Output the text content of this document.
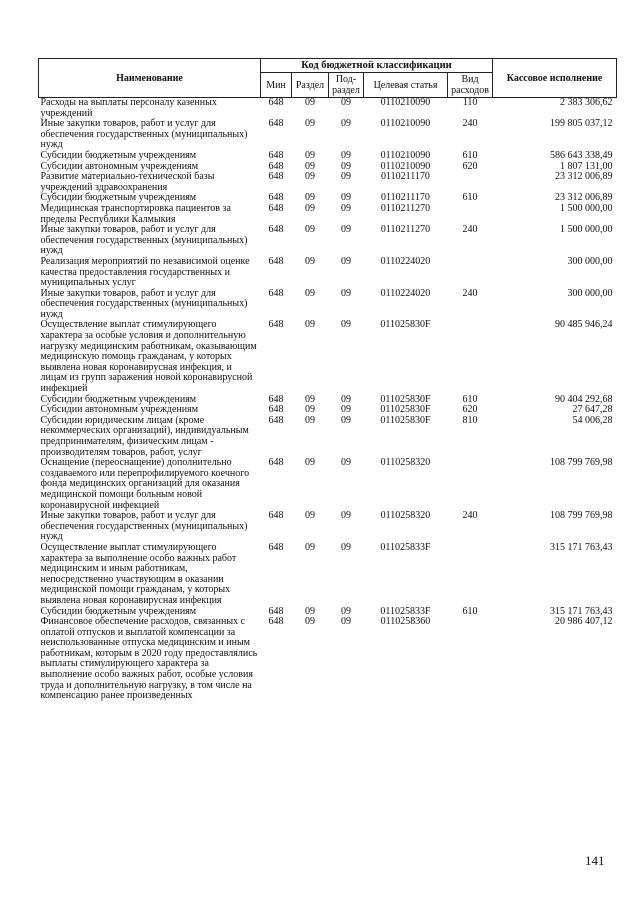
Наименование	Код бюджетной классификации					Кассовое исполнение
	Мин	Раздел	Под-раздел	Целевая статья	Вид расходов	
Расходы на выплаты персоналу казенных учреждений	648	09	09	0110210090	110	2 383 306,62
Иные закупки товаров, работ и услуг для обеспечения государственных (муниципальных) нужд	648	09	09	0110210090	240	199 805 037,12
Субсидии бюджетным учреждениям	648	09	09	0110210090	610	586 643 338,49
Субсидии автономным учреждениям	648	09	09	0110210090	620	1 807 131,00
Развитие материально-технической базы учреждений здравоохранения	648	09	09	0110211170		23 312 006,89
Субсидии бюджетным учреждениям	648	09	09	0110211170	610	23 312 006,89
Медицинская транспортировка пациентов за пределы Республики Калмыкия	648	09	09	0110211270		1 500 000,00
Иные закупки товаров, работ и услуг для обеспечения государственных (муниципальных) нужд	648	09	09	0110211270	240	1 500 000,00
Реализация мероприятий по независимой оценке качества предоставления государственных и муниципальных услуг	648	09	09	0110224020		300 000,00
Иные закупки товаров, работ и услуг для обеспечения государственных (муниципальных) нужд	648	09	09	0110224020	240	300 000,00
Осуществление выплат стимулирующего характера за особые условия и дополнительную нагрузку медицинским работникам, оказывающим медицинскую помощь гражданам, у которых выявлена новая коронавирусная инфекция, и лицам из групп заражения новой коронавирусной инфекцией	648	09	09	011025830F		90 485 946,24
Субсидии бюджетным учреждениям	648	09	09	011025830F	610	90 404 292,68
Субсидии автономным учреждениям	648	09	09	011025830F	620	27 647,28
Субсидии юридическим лицам (кроме некоммерческих организаций), индивидуальным предпринимателям, физическим лицам - производителям товаров, работ, услуг	648	09	09	011025830F	810	54 006,28
Оснащение (переоснащение) дополнительно создаваемого или перепрофилируемого коечного фонда медицинских организаций для оказания медицинской помощи больным новой коронавирусной инфекцией	648	09	09	0110258320		108 799 769,98
Иные закупки товаров, работ и услуг для обеспечения государственных (муниципальных) нужд	648	09	09	0110258320	240	108 799 769,98
Осуществление выплат стимулирующего характера за выполнение особо важных работ медицинским и иным работникам, непосредственно участвующим в оказании медицинской помощи гражданам, у которых выявлена новая коронавирусная инфекция	648	09	09	011025833F		315 171 763,43
Субсидии бюджетным учреждениям	648	09	09	011025833F	610	315 171 763,43
Финансовое обеспечение расходов, связанных с оплатой отпусков и выплатой компенсации за неиспользованные отпуска медицинским и иным работникам, которым в 2020 году предоставлялись выплаты стимулирующего характера за выполнение особо важных работ, особые условия труда и дополнительную нагрузку, в том числе на компенсацию ранее произведенных	648	09	09	0110258360		20 986 407,12
141
